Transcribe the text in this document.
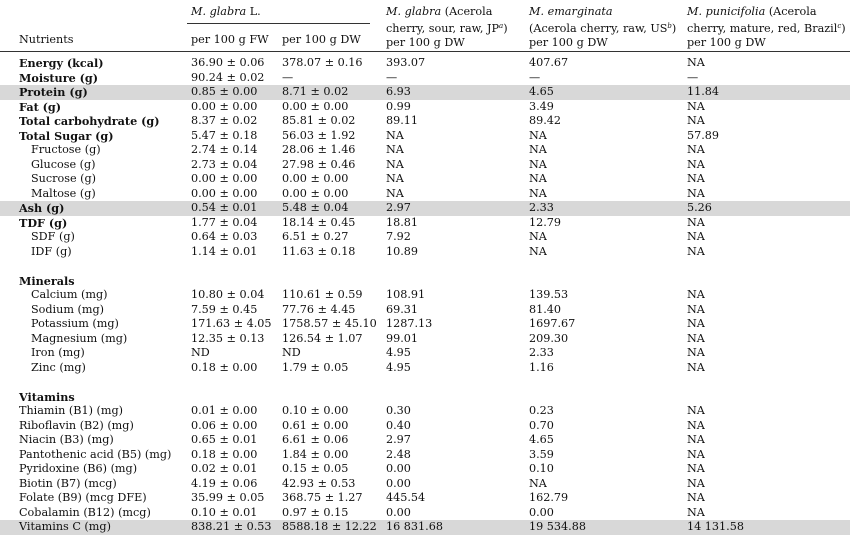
M. glabra L.
Nutrients	per 100 g FW per 100 g DW
M. glabra (Acerola
cherry, sour, raw, $JP^a$)
per 100 g DW
M. emarginata
(Acerola cherry, raw, $US^b$)
per 100 g DW
M. punicifolia (Acerola
cherry, mature, red, Brazil$^c$)
per 100 g DW
Energy (kcal)	36.90 ± 0.06 378.07 ± 0.16 393.07	407.67	NA
Moisture (g)	90.24 ± 0.02 —	—	—	—
Protein (g)	0.85 ± 0.00 8.71 ± 0.02	6.93	4.65	11.84
Fat (g)	0.00 ± 0.00 0.00 ± 0.00	0.99	3.49	NA
Total carbohydrate (g)	8.37 ± 0.02 85.81 ± 0.02	89.11	89.42	NA
Total Sugar (g)	5.47 ± 0.18 56.03 ± 1.92	NA	NA	57.89
Fructose (g)	2.74 ± 0.14 28.06 ± 1.46	NA	NA	NA
Glucose (g)	2.73 ± 0.04 27.98 ± 0.46	NA	NA	NA
Sucrose (g)	0.00 ± 0.00 0.00 ± 0.00	NA	NA	NA
Maltose (g)	0.00 ± 0.00 0.00 ± 0.00	NA	NA	NA
Ash (g)	0.54 ± 0.01 5.48 ± 0.04	2.97	2.33	5.26
TDF (g)	1.77 ± 0.04 18.14 ± 0.45	18.81	12.79	NA
SDF (g)	0.64 ± 0.03 6.51 ± 0.27	7.92	NA	NA
IDF (g)	1.14 ± 0.01 11.63 ± 0.18	10.89	NA	NA
Minerals
Calcium (mg)	10.80 ± 0.04 110.61 ± 0.59 108.91	139.53	NA
Sodium (mg)	7.59 ± 0.45 77.76 ± 4.45	69.31	81.40	NA
Potassium (mg)	171.63 ± 4.05 1758.57 ± 45.10 1287.13	1697.67	NA
Magnesium (mg)	12.35 ± 0.13 126.54 ± 1.07 99.01	209.30	NA
Iron (mg)	ND	ND	4.95	2.33	NA
Zinc (mg)	0.18 ± 0.00 1.79 ± 0.05	4.95	1.16	NA
Vitamins
Thiamin (B1) (mg)	0.01 ± 0.00 0.10 ± 0.00	0.30	0.23	NA
Riboflavin (B2) (mg)	0.06 ± 0.00 0.61 ± 0.00	0.40	0.70	NA
Niacin (B3) (mg)	0.65 ± 0.01 6.61 ± 0.06	2.97	4.65	NA
Pantothenic acid (B5) (mg) 0.18 ± 0.00 1.84 ± 0.00	2.48	3.59	NA
Pyridoxine (B6) (mg)	0.02 ± 0.01 0.15 ± 0.05	0.00	0.10	NA
Biotin (B7) (mcg)	4.19 ± 0.06 42.93 ± 0.53	0.00	NA	NA
Folate (B9) (mcg DFE)	35.99 ± 0.05 368.75 ± 1.27 445.54	162.79	NA
Cobalamin (B12) (mcg)	0.10 ± 0.01 0.97 ± 0.15	0.00	0.00	NA
Vitamins C (mg)	838.21 ± 0.53 8588.18 ± 12.22 16 831.68	19 534.88	14 131.58
